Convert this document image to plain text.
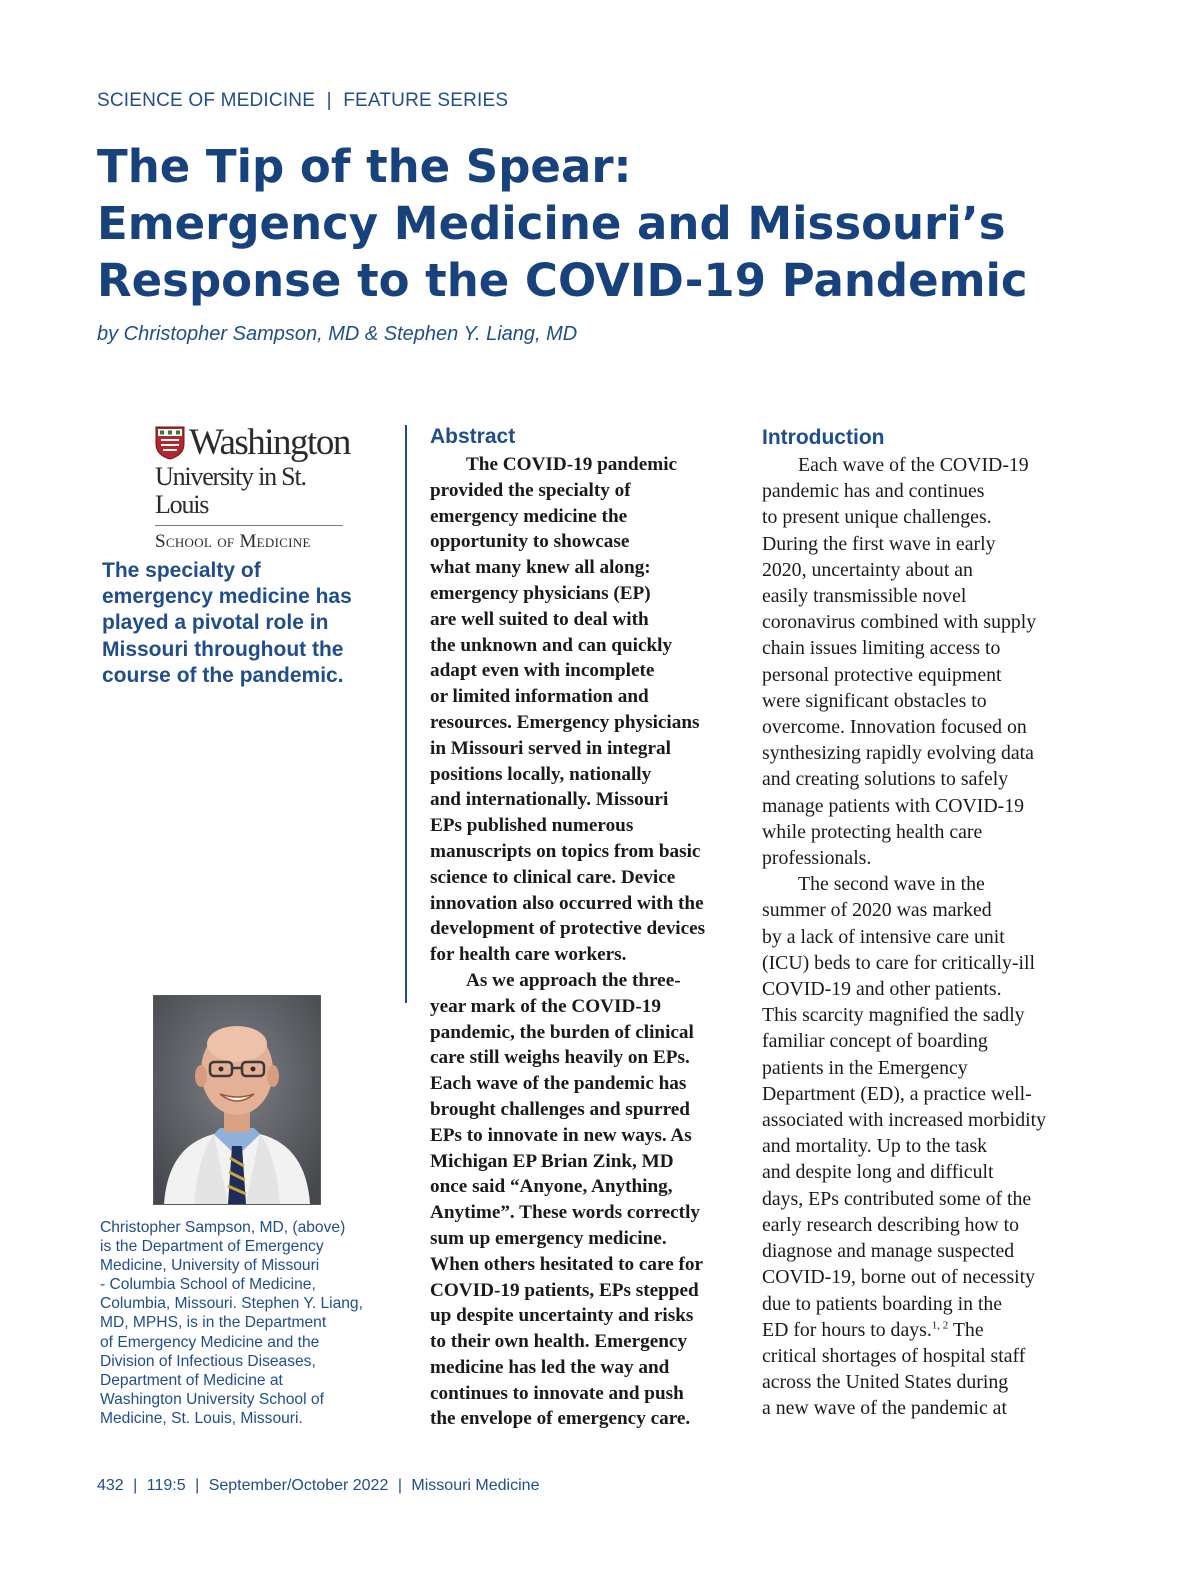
SCIENCE OF MEDICINE | FEATURE SERIES
The Tip of the Spear:
Emergency Medicine and Missouri’s
Response to the COVID-19 Pandemic
by Christopher Sampson, MD & Stephen Y. Liang, MD
Washington
University in St. Louis
School of Medicine
The specialty of
emergency medicine has
played a pivotal role in
Missouri throughout the
course of the pandemic.
Christopher Sampson, MD, (above)
is the Department of Emergency
Medicine, University of Missouri
- Columbia School of Medicine,
Columbia, Missouri. Stephen Y. Liang,
MD, MPHS, is in the Department
of Emergency Medicine and the
Division of Infectious Diseases,
Department of Medicine at
Washington University School of
Medicine, St. Louis, Missouri.
Abstract
The COVID-19 pandemic
provided the specialty of
emergency medicine the
opportunity to showcase
what many knew all along:
emergency physicians (EP)
are well suited to deal with
the unknown and can quickly
adapt even with incomplete
or limited information and
resources. Emergency physicians
in Missouri served in integral
positions locally, nationally
and internationally. Missouri
EPs published numerous
manuscripts on topics from basic
science to clinical care. Device
innovation also occurred with the
development of protective devices
for health care workers.
As we approach the three-
year mark of the COVID-19
pandemic, the burden of clinical
care still weighs heavily on EPs.
Each wave of the pandemic has
brought challenges and spurred
EPs to innovate in new ways. As
Michigan EP Brian Zink, MD
once said “Anyone, Anything,
Anytime”. These words correctly
sum up emergency medicine.
When others hesitated to care for
COVID-19 patients, EPs stepped
up despite uncertainty and risks
to their own health. Emergency
medicine has led the way and
continues to innovate and push
the envelope of emergency care.
Introduction
Each wave of the COVID-19
pandemic has and continues
to present unique challenges.
During the first wave in early
2020, uncertainty about an
easily transmissible novel
coronavirus combined with supply
chain issues limiting access to
personal protective equipment
were significant obstacles to
overcome. Innovation focused on
synthesizing rapidly evolving data
and creating solutions to safely
manage patients with COVID-19
while protecting health care
professionals.
The second wave in the
summer of 2020 was marked
by a lack of intensive care unit
(ICU) beds to care for critically-ill
COVID-19 and other patients.
This scarcity magnified the sadly
familiar concept of boarding
patients in the Emergency
Department (ED), a practice well-
associated with increased morbidity
and mortality. Up to the task
and despite long and difficult
days, EPs contributed some of the
early research describing how to
diagnose and manage suspected
COVID-19, borne out of necessity
due to patients boarding in the
ED for hours to days.$^{1, 2}$ The
critical shortages of hospital staff
across the United States during
a new wave of the pandemic at
432 | 119:5 | September/October 2022 | Missouri Medicine
